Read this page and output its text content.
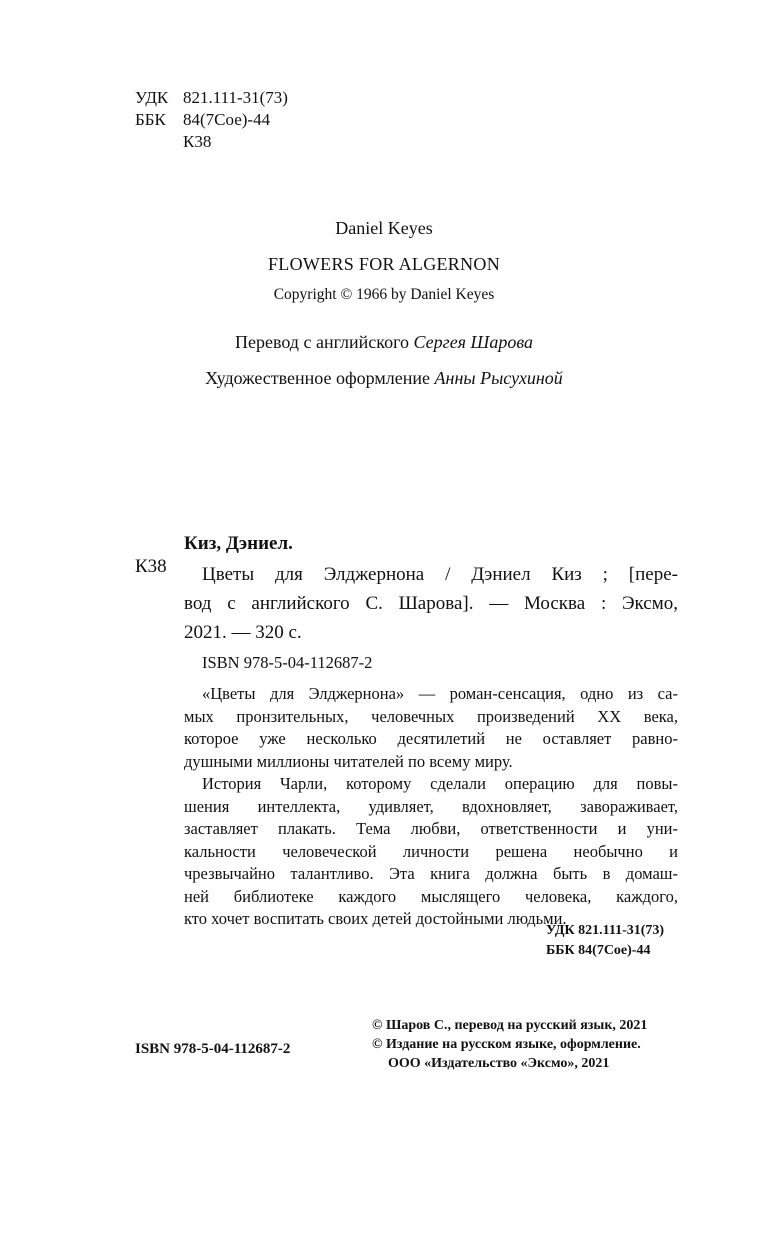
УДК 821.111-31(73)
ББК 84(7Сое)-44
К38
Daniel Keyes
FLOWERS FOR ALGERNON
Copyright © 1966 by Daniel Keyes
Перевод с английского Сергея Шарова
Художественное оформление Анны Рысухиной
К38
Киз, Дэниел.
Цветы для Элджернона / Дэниел Киз ; [пере-
вод с английского С. Шарова]. — Москва : Эксмо,
2021. — 320 с.
ISBN 978-5-04-112687-2
«Цветы для Элджернона» — роман-сенсация, одно из са-
мых пронзительных, человечных произведений XX века,
которое уже несколько десятилетий не оставляет равно-
душными миллионы читателей по всему миру.
История Чарли, которому сделали операцию для повы-
шения интеллекта, удивляет, вдохновляет, завораживает,
заставляет плакать. Тема любви, ответственности и уни-
кальности человеческой личности решена необычно и
чрезвычайно талантливо. Эта книга должна быть в домаш-
ней библиотеке каждого мыслящего человека, каждого,
кто хочет воспитать своих детей достойными людьми.
УДК 821.111-31(73)
ББК 84(7Сое)-44
ISBN 978-5-04-112687-2
© Шаров С., перевод на русский язык, 2021
© Издание на русском языке, оформление.
ООО «Издательство «Эксмо», 2021
